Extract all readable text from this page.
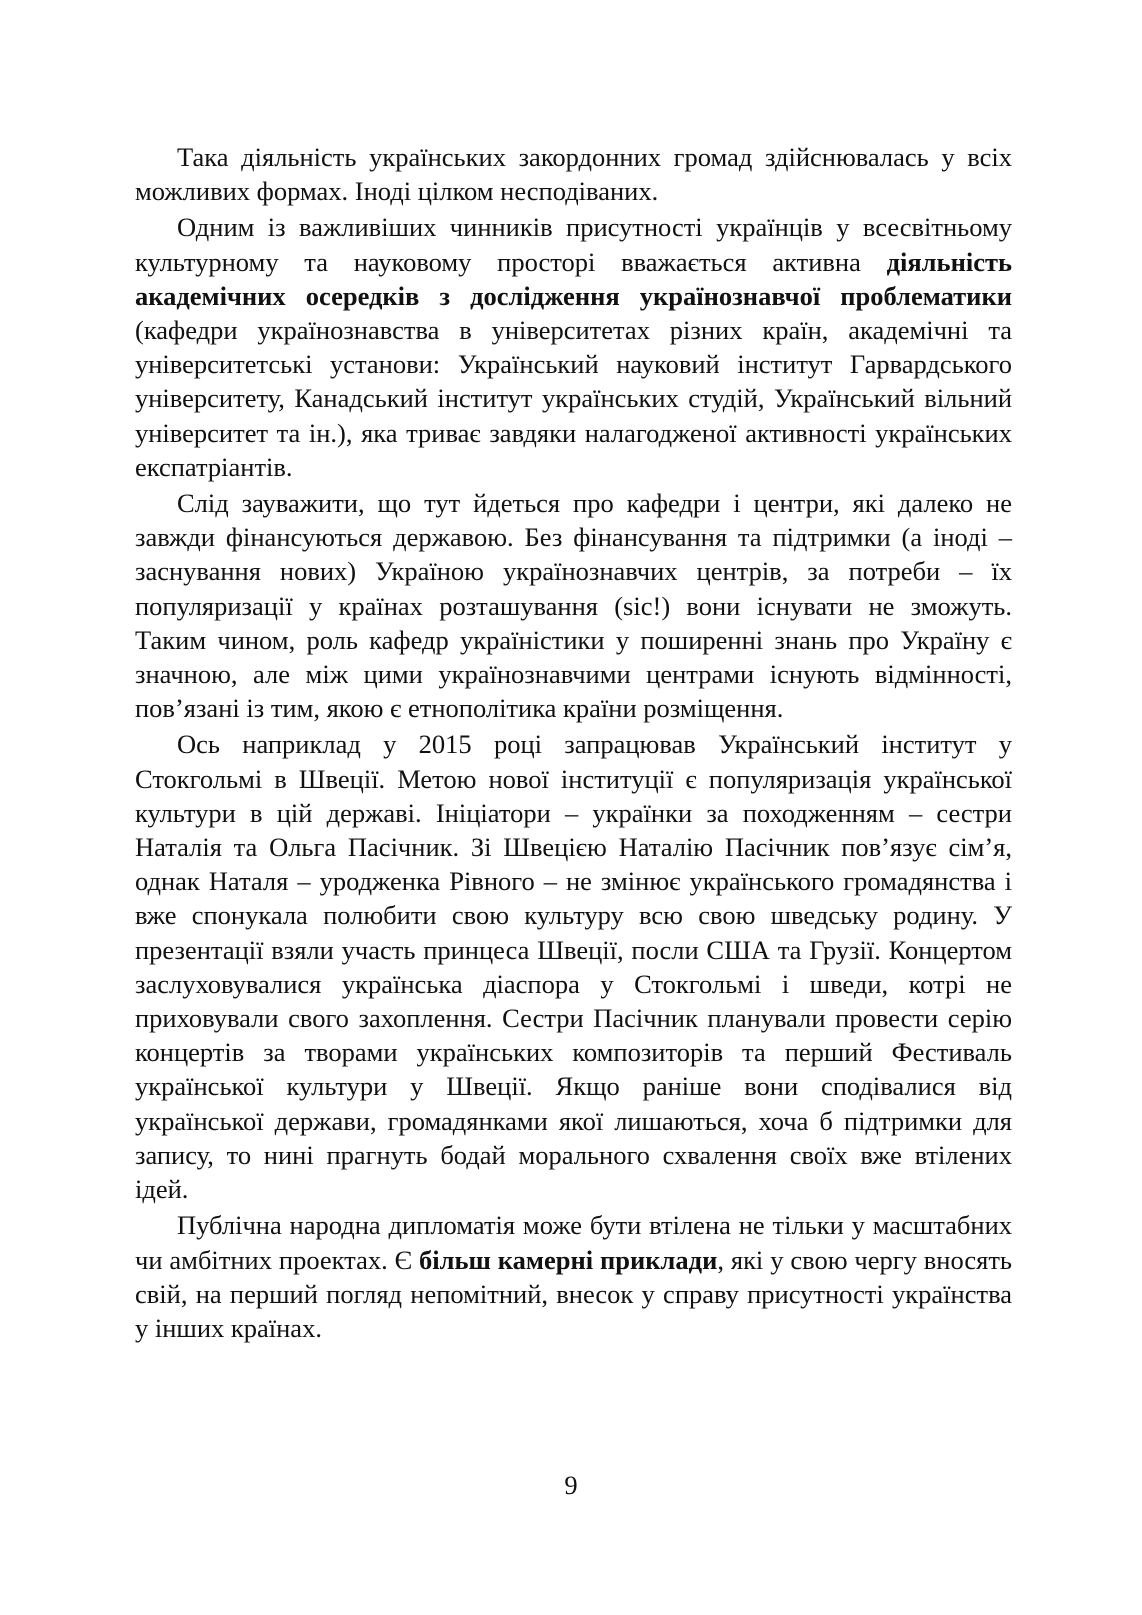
Така діяльність українських закордонних громад здійснювалась у всіх можливих формах. Іноді цілком несподіваних.

Одним із важливіших чинників присутності українців у всесвітньому культурному та науковому просторі вважається активна діяльність академічних осередків з дослідження українознавчої проблематики (кафедри українознавства в університетах різних країн, академічні та університетські установи: Український науковий інститут Гарвардського університету, Канадський інститут українських студій, Український вільний університет та ін.), яка триває завдяки налагодженої активності українських експатріантів.

Слід зауважити, що тут йдеться про кафедри і центри, які далеко не завжди фінансуються державою. Без фінансування та підтримки (а іноді – заснування нових) Україною українознавчих центрів, за потреби – їх популяризації у країнах розташування (sic!) вони існувати не зможуть. Таким чином, роль кафедр україністики у поширенні знань про Україну є значною, але між цими українознавчими центрами існують відмінності, пов’язані із тим, якою є етнополітика країни розміщення.

Ось наприклад у 2015 році запрацював Український інститут у Стокгольмі в Швеції. Метою нової інституції є популяризація української культури в цій державі. Ініціатори – українки за походженням – сестри Наталія та Ольга Пасічник. Зі Швецією Наталію Пасічник пов’язує сім’я, однак Наталя – уродженка Рівного – не змінює українського громадянства і вже спонукала полюбити свою культуру всю свою шведську родину. У презентації взяли участь принцеса Швеції, посли США та Грузії. Концертом заслуховувалися українська діаспора у Стокгольмі і шведи, котрі не приховували свого захоплення. Сестри Пасічник планували провести серію концертів за творами українських композиторів та перший Фестиваль української культури у Швеції. Якщо раніше вони сподівалися від української держави, громадянками якої лишаються, хоча б підтримки для запису, то нині прагнуть бодай морального схвалення своїх вже втілених ідей.

Публічна народна дипломатія може бути втілена не тільки у масштабних чи амбітних проектах. Є більш камерні приклади, які у свою чергу вносять свій, на перший погляд непомітний, внесок у справу присутності українства у інших країнах.

9
